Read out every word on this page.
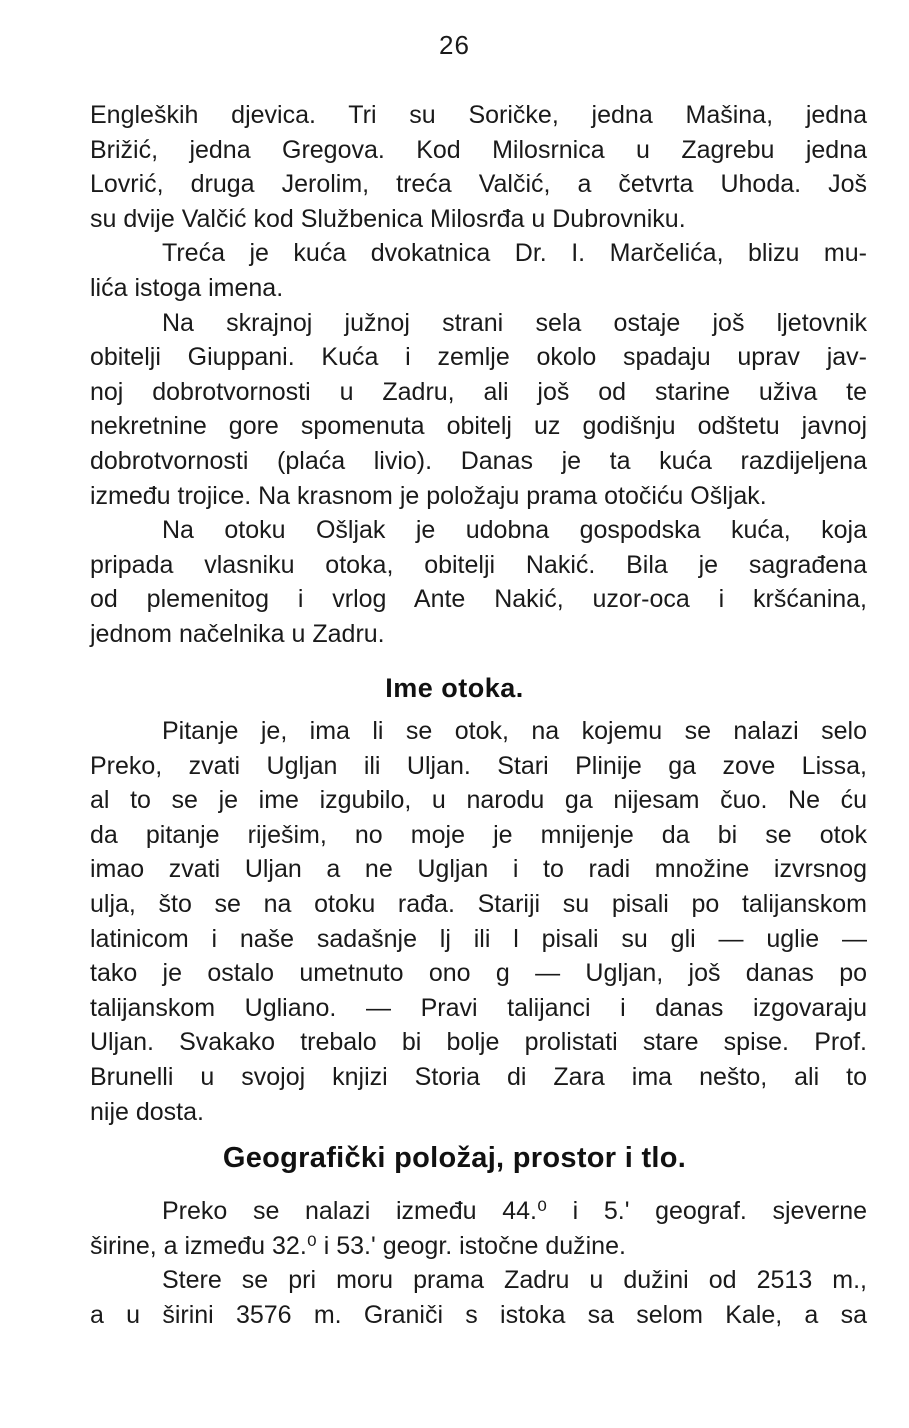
26
Engleških djevica. Tri su Soričke, jedna Mašina, jedna
Brižić, jedna Gregova. Kod Milosrnica u Zagrebu jedna
Lovrić, druga Jerolim, treća Valčić, a četvrta Uhoda. Još
su dvije Valčić kod Službenica Milosrđa u Dubrovniku.
Treća je kuća dvokatnica Dr. I. Marčelića, blizu mu-
lića istoga imena.
Na skrajnoj južnoj strani sela ostaje još ljetovnik
obitelji Giuppani. Kuća i zemlje okolo spadaju uprav jav-
noj dobrotvornosti u Zadru, ali još od starine uživa te
nekretnine gore spomenuta obitelj uz godišnju odštetu javnoj
dobrotvornosti (plaća livio). Danas je ta kuća razdijeljena
između trojice. Na krasnom je položaju prama otočiću Ošljak.
Na otoku Ošljak je udobna gospodska kuća, koja
pripada vlasniku otoka, obitelji Nakić. Bila je sagrađena
od plemenitog i vrlog Ante Nakić, uzor-oca i kršćanina,
jednom načelnika u Zadru.
Ime otoka.
Pitanje je, ima li se otok, na kojemu se nalazi selo
Preko, zvati Ugljan ili Uljan. Stari Plinije ga zove Lissa,
al to se je ime izgubilo, u narodu ga nijesam čuo. Ne ću
da pitanje riješim, no moje je mnijenje da bi se otok
imao zvati Uljan a ne Ugljan i to radi množine izvrsnog
ulja, što se na otoku rađa. Stariji su pisali po talijanskom
latinicom i naše sadašnje lj ili l pisali su gli — uglie —
tako je ostalo umetnuto ono g — Ugljan, još danas po
talijanskom Ugliano. — Pravi talijanci i danas izgovaraju
Uljan. Svakako trebalo bi bolje prolistati stare spise. Prof.
Brunelli u svojoj knjizi Storia di Zara ima nešto, ali to
nije dosta.
Geografički položaj, prostor i tlo.
Preko se nalazi između 44.⁰ i 5.' geograf. sjeverne
širine, a između 32.⁰ i 53.' geogr. istočne dužine.
Stere se pri moru prama Zadru u dužini od 2513 m.,
a u širini 3576 m. Graniči s istoka sa selom Kale, a sa
